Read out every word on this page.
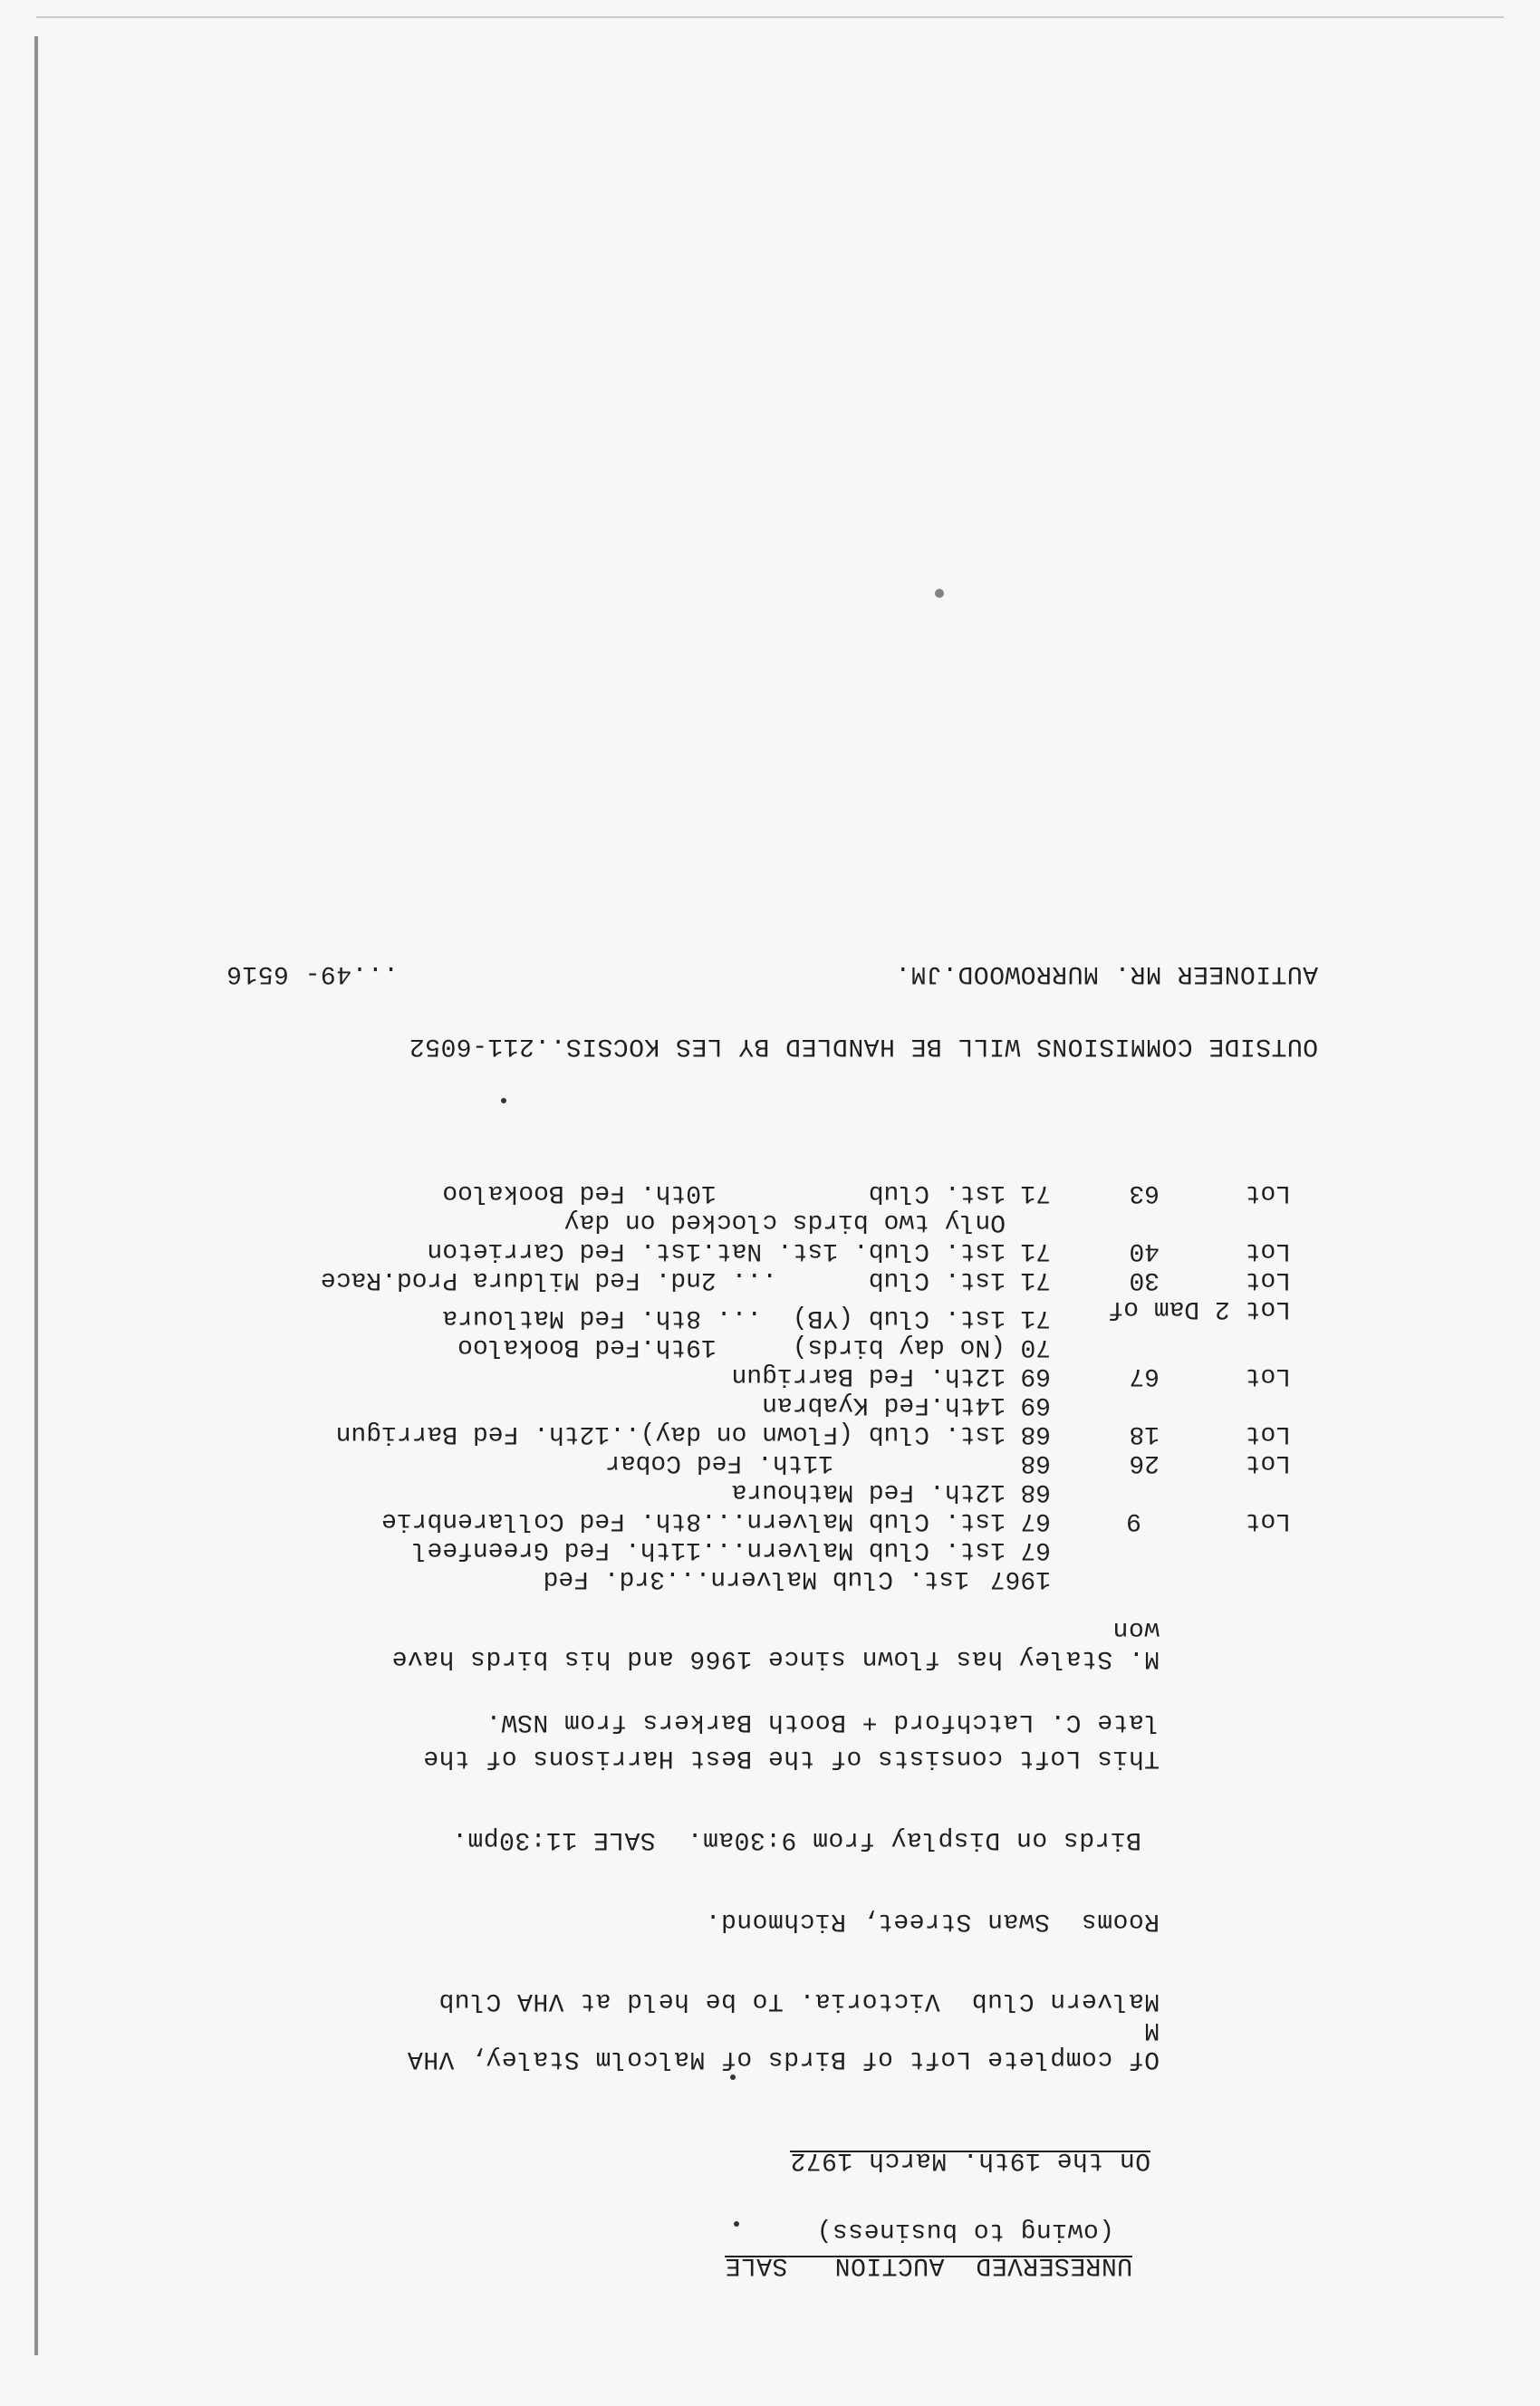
UNRESERVED  AUCTION   SALE
(owing to business)
On the 19th. March 1972
Of complete Loft of Birds of Malcolm Staley, VHA
M
Malvern Club  Victoria. To be held at VHA Club
Rooms  Swan Street, Richmond.
Birds on Display from 9:30am.  SALE 11:30pm.
This Loft consists of the Best Harrisons of the
late C. Latchford + Booth Barkers from NSW.
M. Staley has flown since 1966 and his birds have
won
1967
1st. Club Malvern...3rd. Fed
67
1st. Club Malvern...11th. Fed Greenfeel
Lot
9
67
1st. Club Malvern...8th. Fed Collarenbrie
68
12th. Fed Mathoura
Lot
26
68
11th. Fed Cobar
Lot
18
68
1st. Club (Flown on day)..12th. Fed Barrigun
69
14th.Fed Kyabran
Lot
67
69
12th. Fed Barrigun
70
(No day birds)     19th.Fed Bookaloo
Lot 2 Dam of
71
1st. Club (YB)  ... 8th. Fed Matloura
Lot
30
71
1st. Club      ... 2nd. Fed Mildura Prod.Race
Lot
40
71
1st. Club. 1st. Nat.1st. Fed Carrieton
Only two birds clocked on day
Lot
63
71
1st. Club          10th. Fed Bookaloo
OUTSIDE COMMISIONS WILL BE HANDLED BY LES KOCSIS..211-6052
AUTIONEER MR. MURROWOOD.JM.
...49- 6516
